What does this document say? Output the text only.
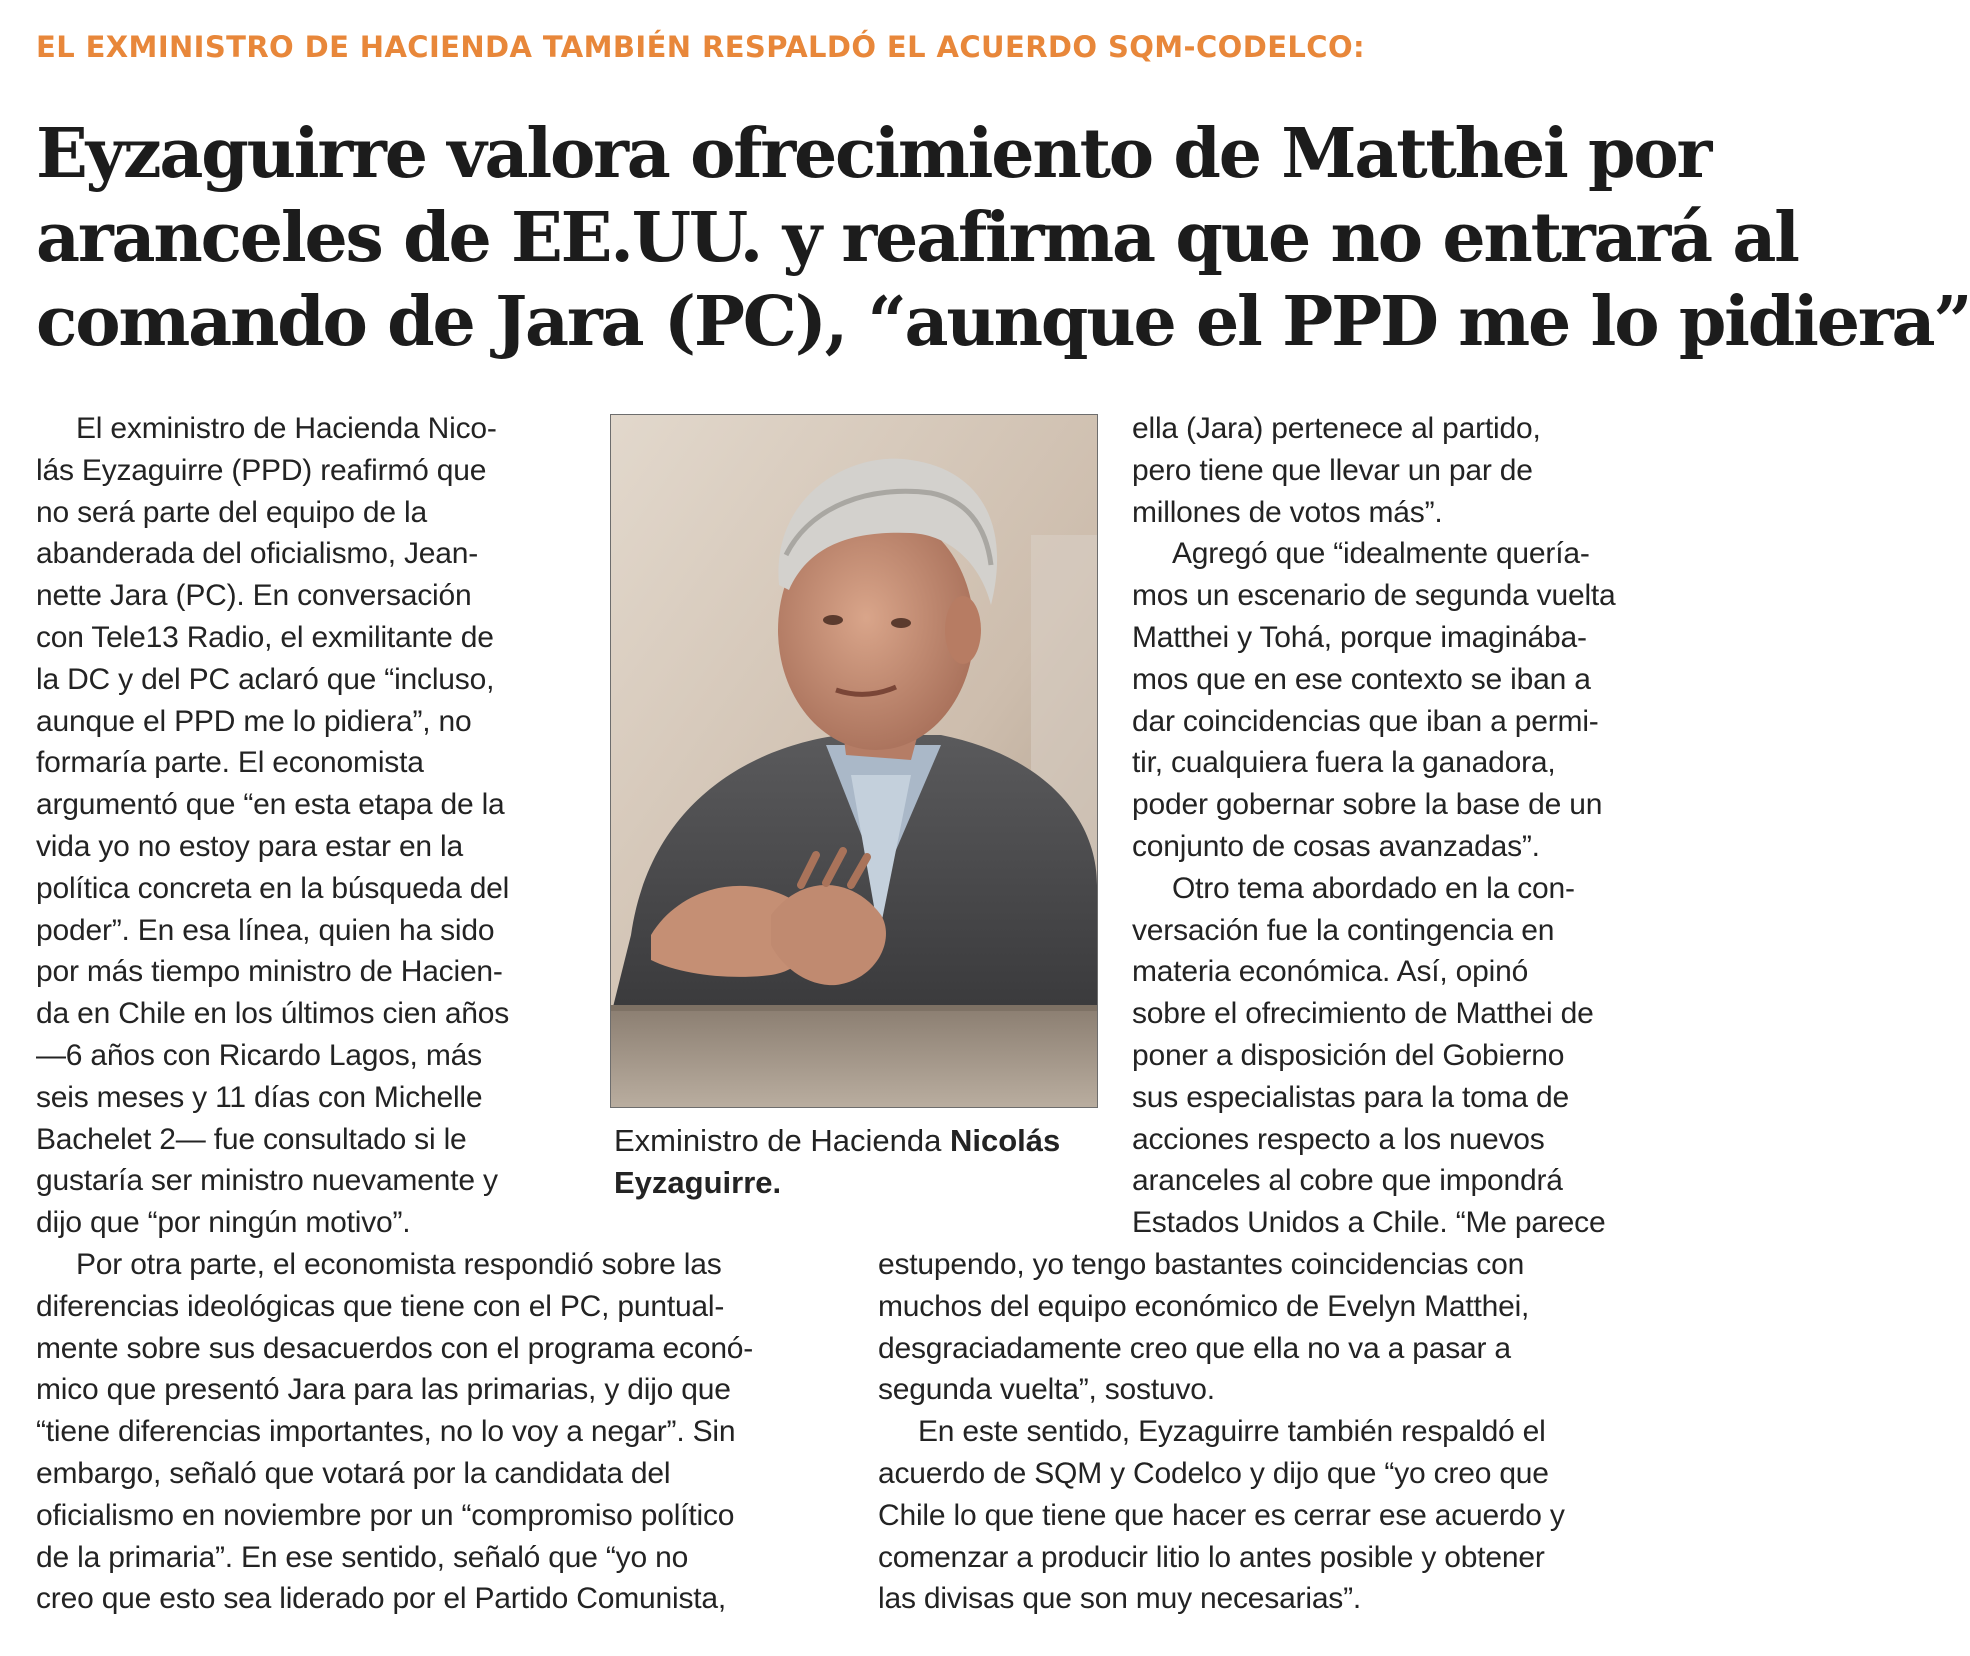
EL EXMINISTRO DE HACIENDA TAMBIÉN RESPALDÓ EL ACUERDO SQM-CODELCO:
Eyzaguirre valora ofrecimiento de Matthei por
aranceles de EE.UU. y reafirma que no entrará al
comando de Jara (PC), “aunque el PPD me lo pidiera”

El exministro de Hacienda Nico-
lás Eyzaguirre (PPD) reafirmó que
no será parte del equipo de la
abanderada del oficialismo, Jean-
nette Jara (PC). En conversación
con Tele13 Radio, el exmilitante de
la DC y del PC aclaró que “incluso,
aunque el PPD me lo pidiera”, no
formaría parte. El economista
argumentó que “en esta etapa de la
vida yo no estoy para estar en la
política concreta en la búsqueda del
poder”. En esa línea, quien ha sido
por más tiempo ministro de Hacien-
da en Chile en los últimos cien años
—6 años con Ricardo Lagos, más
seis meses y 11 días con Michelle
Bachelet 2— fue consultado si le
gustaría ser ministro nuevamente y
dijo que “por ningún motivo”.

Por otra parte, el economista respondió sobre las
diferencias ideológicas que tiene con el PC, puntual-
mente sobre sus desacuerdos con el programa econó-
mico que presentó Jara para las primarias, y dijo que
“tiene diferencias importantes, no lo voy a negar”. Sin
embargo, señaló que votará por la candidata del
oficialismo en noviembre por un “compromiso político
de la primaria”. En ese sentido, señaló que “yo no
creo que esto sea liderado por el Partido Comunista,

Exministro de Hacienda Nicolás
Eyzaguirre.

ella (Jara) pertenece al partido,
pero tiene que llevar un par de
millones de votos más”.

Agregó que “idealmente quería-
mos un escenario de segunda vuelta
Matthei y Tohá, porque imaginába-
mos que en ese contexto se iban a
dar coincidencias que iban a permi-
tir, cualquiera fuera la ganadora,
poder gobernar sobre la base de un
conjunto de cosas avanzadas”.

Otro tema abordado en la con-
versación fue la contingencia en
materia económica. Así, opinó
sobre el ofrecimiento de Matthei de
poner a disposición del Gobierno
sus especialistas para la toma de
acciones respecto a los nuevos
aranceles al cobre que impondrá
Estados Unidos a Chile. “Me parece

estupendo, yo tengo bastantes coincidencias con
muchos del equipo económico de Evelyn Matthei,
desgraciadamente creo que ella no va a pasar a
segunda vuelta”, sostuvo.

En este sentido, Eyzaguirre también respaldó el
acuerdo de SQM y Codelco y dijo que “yo creo que
Chile lo que tiene que hacer es cerrar ese acuerdo y
comenzar a producir litio lo antes posible y obtener
las divisas que son muy necesarias”.
